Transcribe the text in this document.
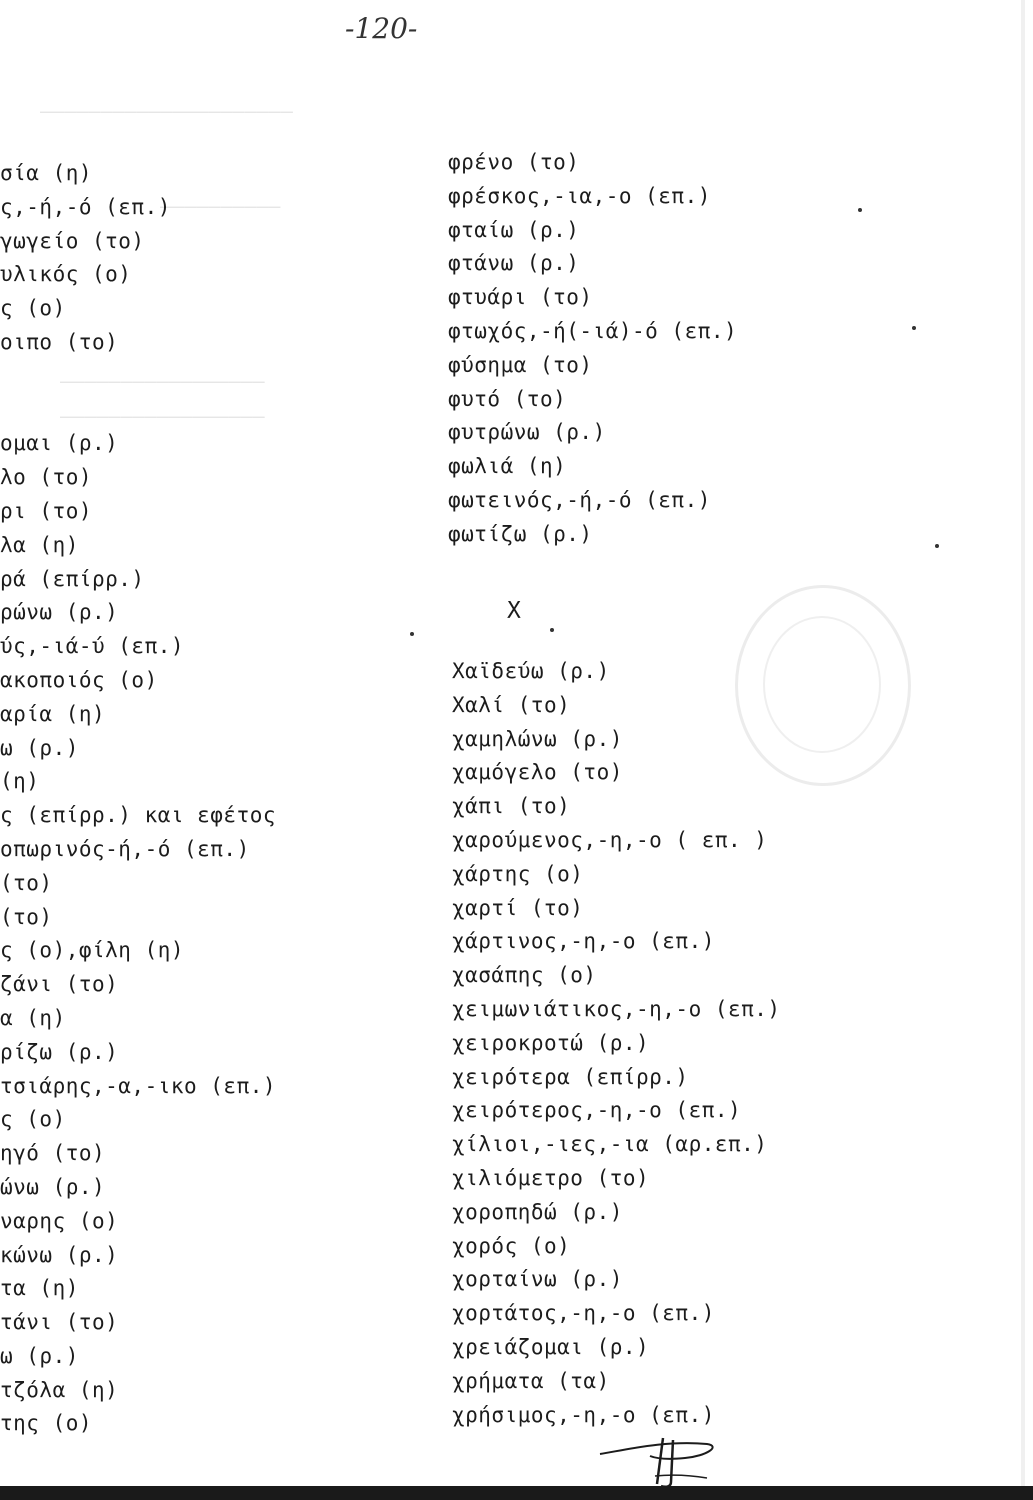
-120-
―――――――――――――――――――――
――――――――――
―――――――――――――――――
―――――――――――――――――
σία (η)
ς,-ή,-ό (επ.)
γωγείο (το)
υλικός (ο)
ς (ο)
οιπο (το)

ομαι (ρ.)
λο (το)
ρι (το)
λα (η)
ρά (επίρρ.)
ρώνω (ρ.)
ύς,-ιά-ύ (επ.)
ακοποιός (ο)
αρία (η)
ω (ρ.)
(η)
ς (επίρρ.) και εφέτος
οπωρινός-ή,-ό (επ.)
(το)
(το)
ς (ο),φίλη (η)
ζάνι (το)
α (η)
ρίζω (ρ.)
τσιάρης,-α,-ικο (επ.)
ς (ο)
ηγό (το)
ώνω (ρ.)
ναρης (ο)
κώνω (ρ.)
τα (η)
τάνι (το)
ω (ρ.)
τζόλα (η)
της (ο)
φρένο (το)
φρέσκος,-ια,-ο (επ.)
φταίω (ρ.)
φτάνω (ρ.)
φτυάρι (το)
φτωχός,-ή(-ιά)-ό (επ.)
φύσημα (το)
φυτό (το)
φυτρώνω (ρ.)
φωλιά (η)
φωτεινός,-ή,-ό (επ.)
φωτίζω (ρ.)
Χ
Χαϊδεύω (ρ.)
Χαλί (το)
χαμηλώνω (ρ.)
χαμόγελο (το)
χάπι (το)
χαρούμενος,-η,-ο ( επ. )
χάρτης (ο)
χαρτί (το)
χάρτινος,-η,-ο (επ.)
χασάπης (ο)
χειμωνιάτικος,-η,-ο (επ.)
χειροκροτώ (ρ.)
χειρότερα (επίρρ.)
χειρότερος,-η,-ο (επ.)
χίλιοι,-ιες,-ια (αρ.επ.)
χιλιόμετρο (το)
χοροπηδώ (ρ.)
χορός (ο)
χορταίνω (ρ.)
χορτάτος,-η,-ο (επ.)
χρειάζομαι (ρ.)
χρήματα (τα)
χρήσιμος,-η,-ο (επ.)
